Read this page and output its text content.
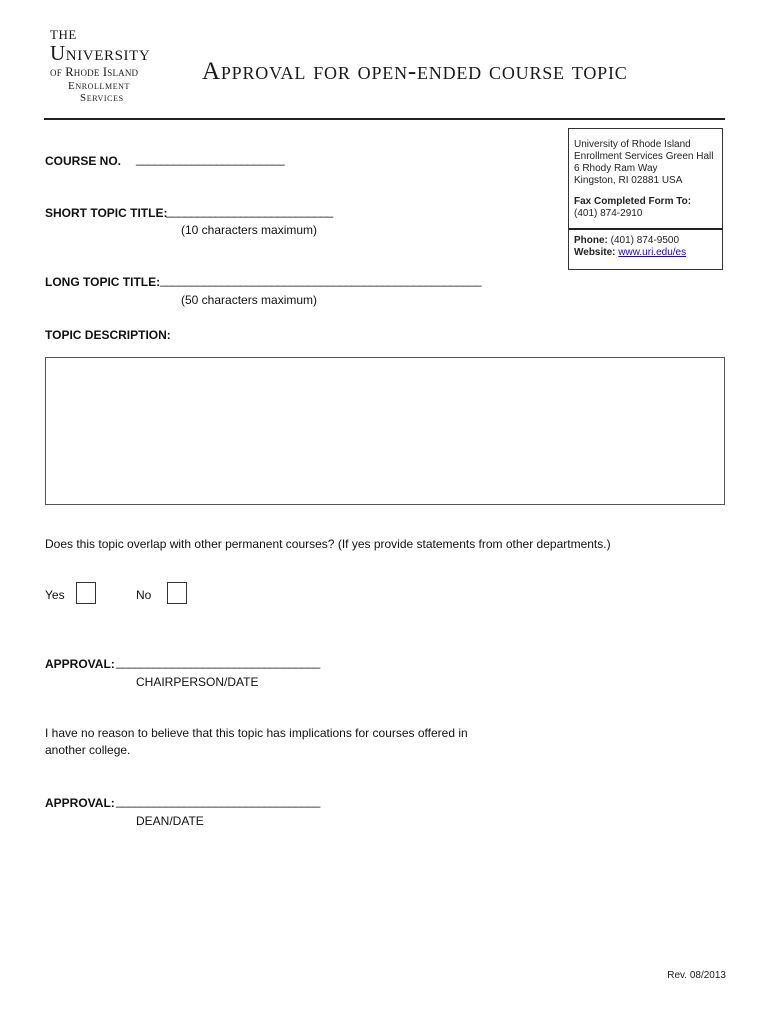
THE
University
of Rhode Island
Enrollment
Services
Approval for open-ended course topic
University of Rhode Island
Enrollment Services Green Hall
6 Rhody Ram Way
Kingston, RI 02881 USA
Fax Completed Form To:
(401) 874-2910
Phone: (401) 874-9500
Website: www.uri.edu/es
COURSE NO. ________________________
SHORT TOPIC TITLE:
___________________________
(10 characters maximum)
LONG TOPIC TITLE: ____________________________________________________
(50 characters maximum)
TOPIC DESCRIPTION:
Does this topic overlap with other permanent courses? (If yes provide statements from other departments.)
Yes	No
APPROVAL: _________________________________
CHAIRPERSON/DATE
I have no reason to believe that this topic has implications for courses offered in
another college.
APPROVAL: _________________________________
DEAN/DATE
Rev. 08/2013
